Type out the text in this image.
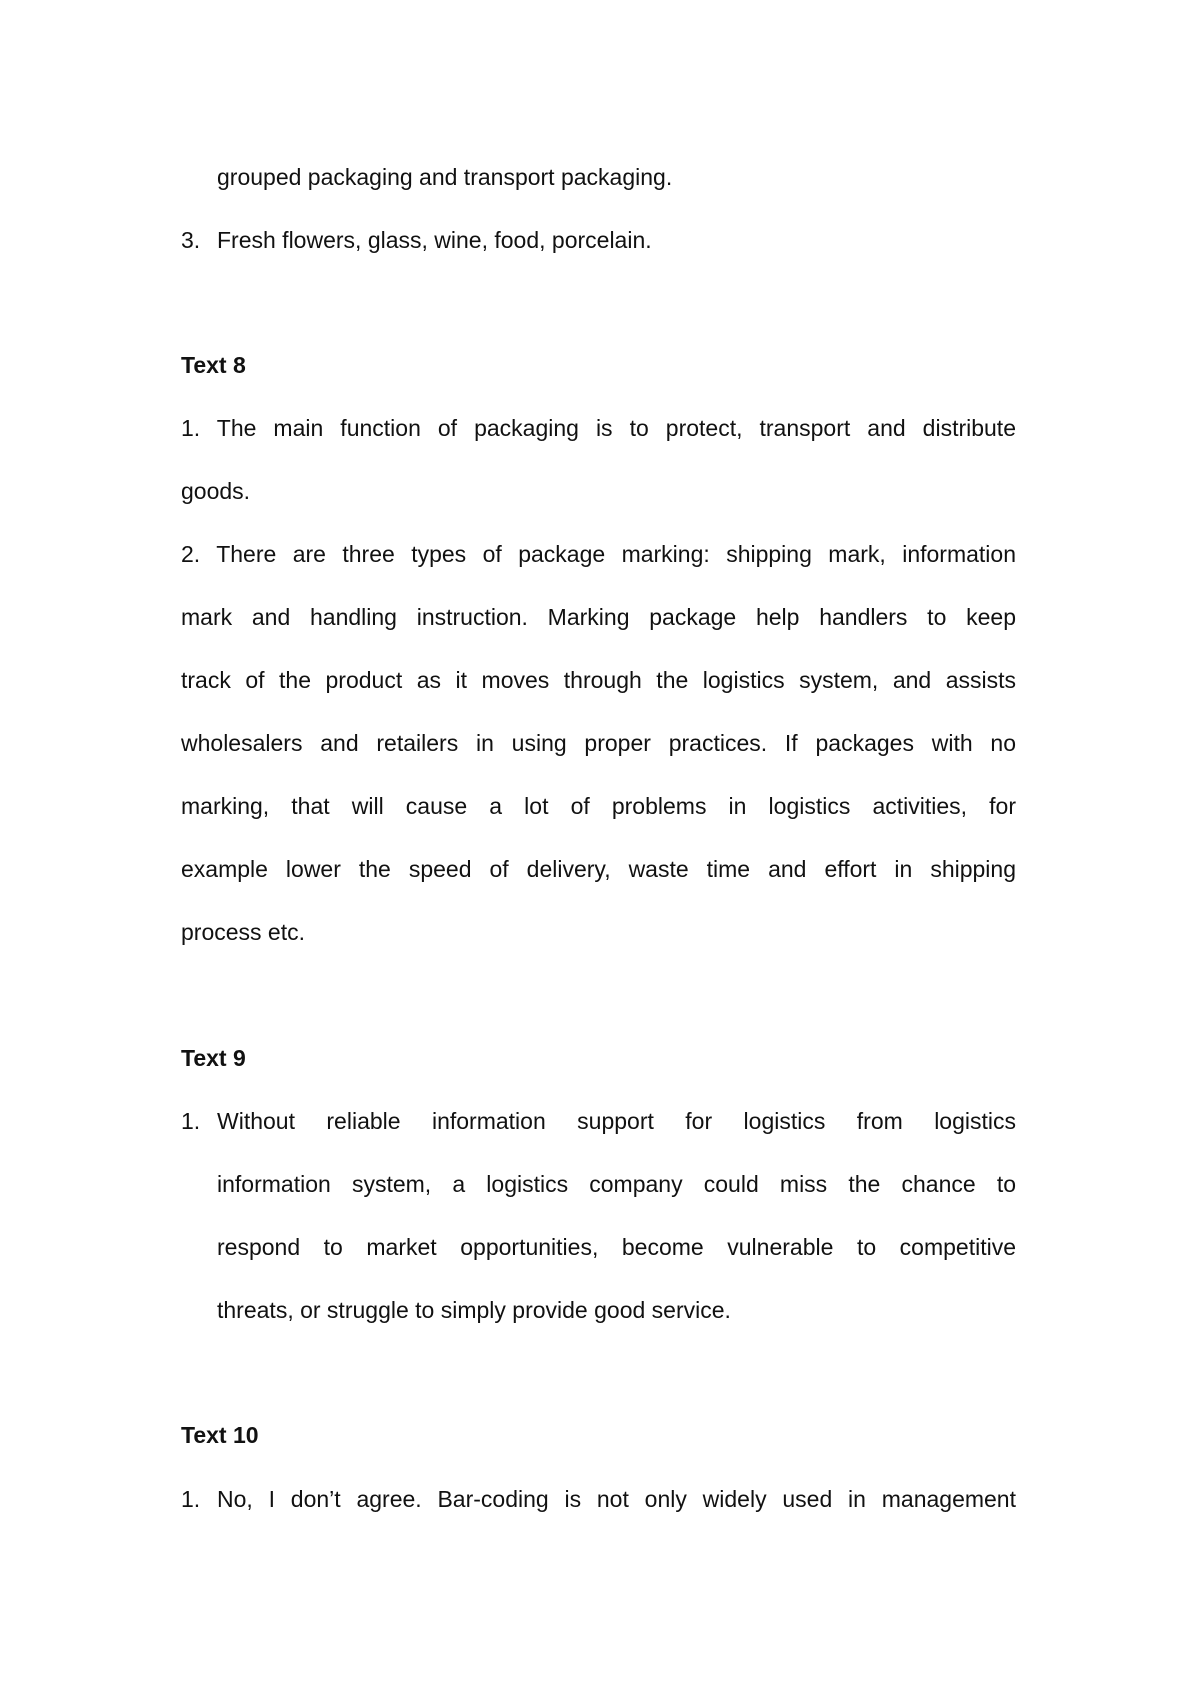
grouped packaging and transport packaging.
3. Fresh flowers, glass, wine, food, porcelain.
Text 8
1. The main function of packaging is to protect, transport and distribute
goods.
2. There are three types of package marking: shipping mark, information
mark and handling instruction. Marking package help handlers to keep
track of the product as it moves through the logistics system, and assists
wholesalers and retailers in using proper practices. If packages with no
marking, that will cause a lot of problems in logistics activities, for
example lower the speed of delivery, waste time and effort in shipping
process etc.
Text 9
1. Without reliable information support for logistics from logistics
information system, a logistics company could miss the chance to
respond to market opportunities, become vulnerable to competitive
threats, or struggle to simply provide good service.
Text 10
1. No, I don’t agree. Bar-coding is not only widely used in management
